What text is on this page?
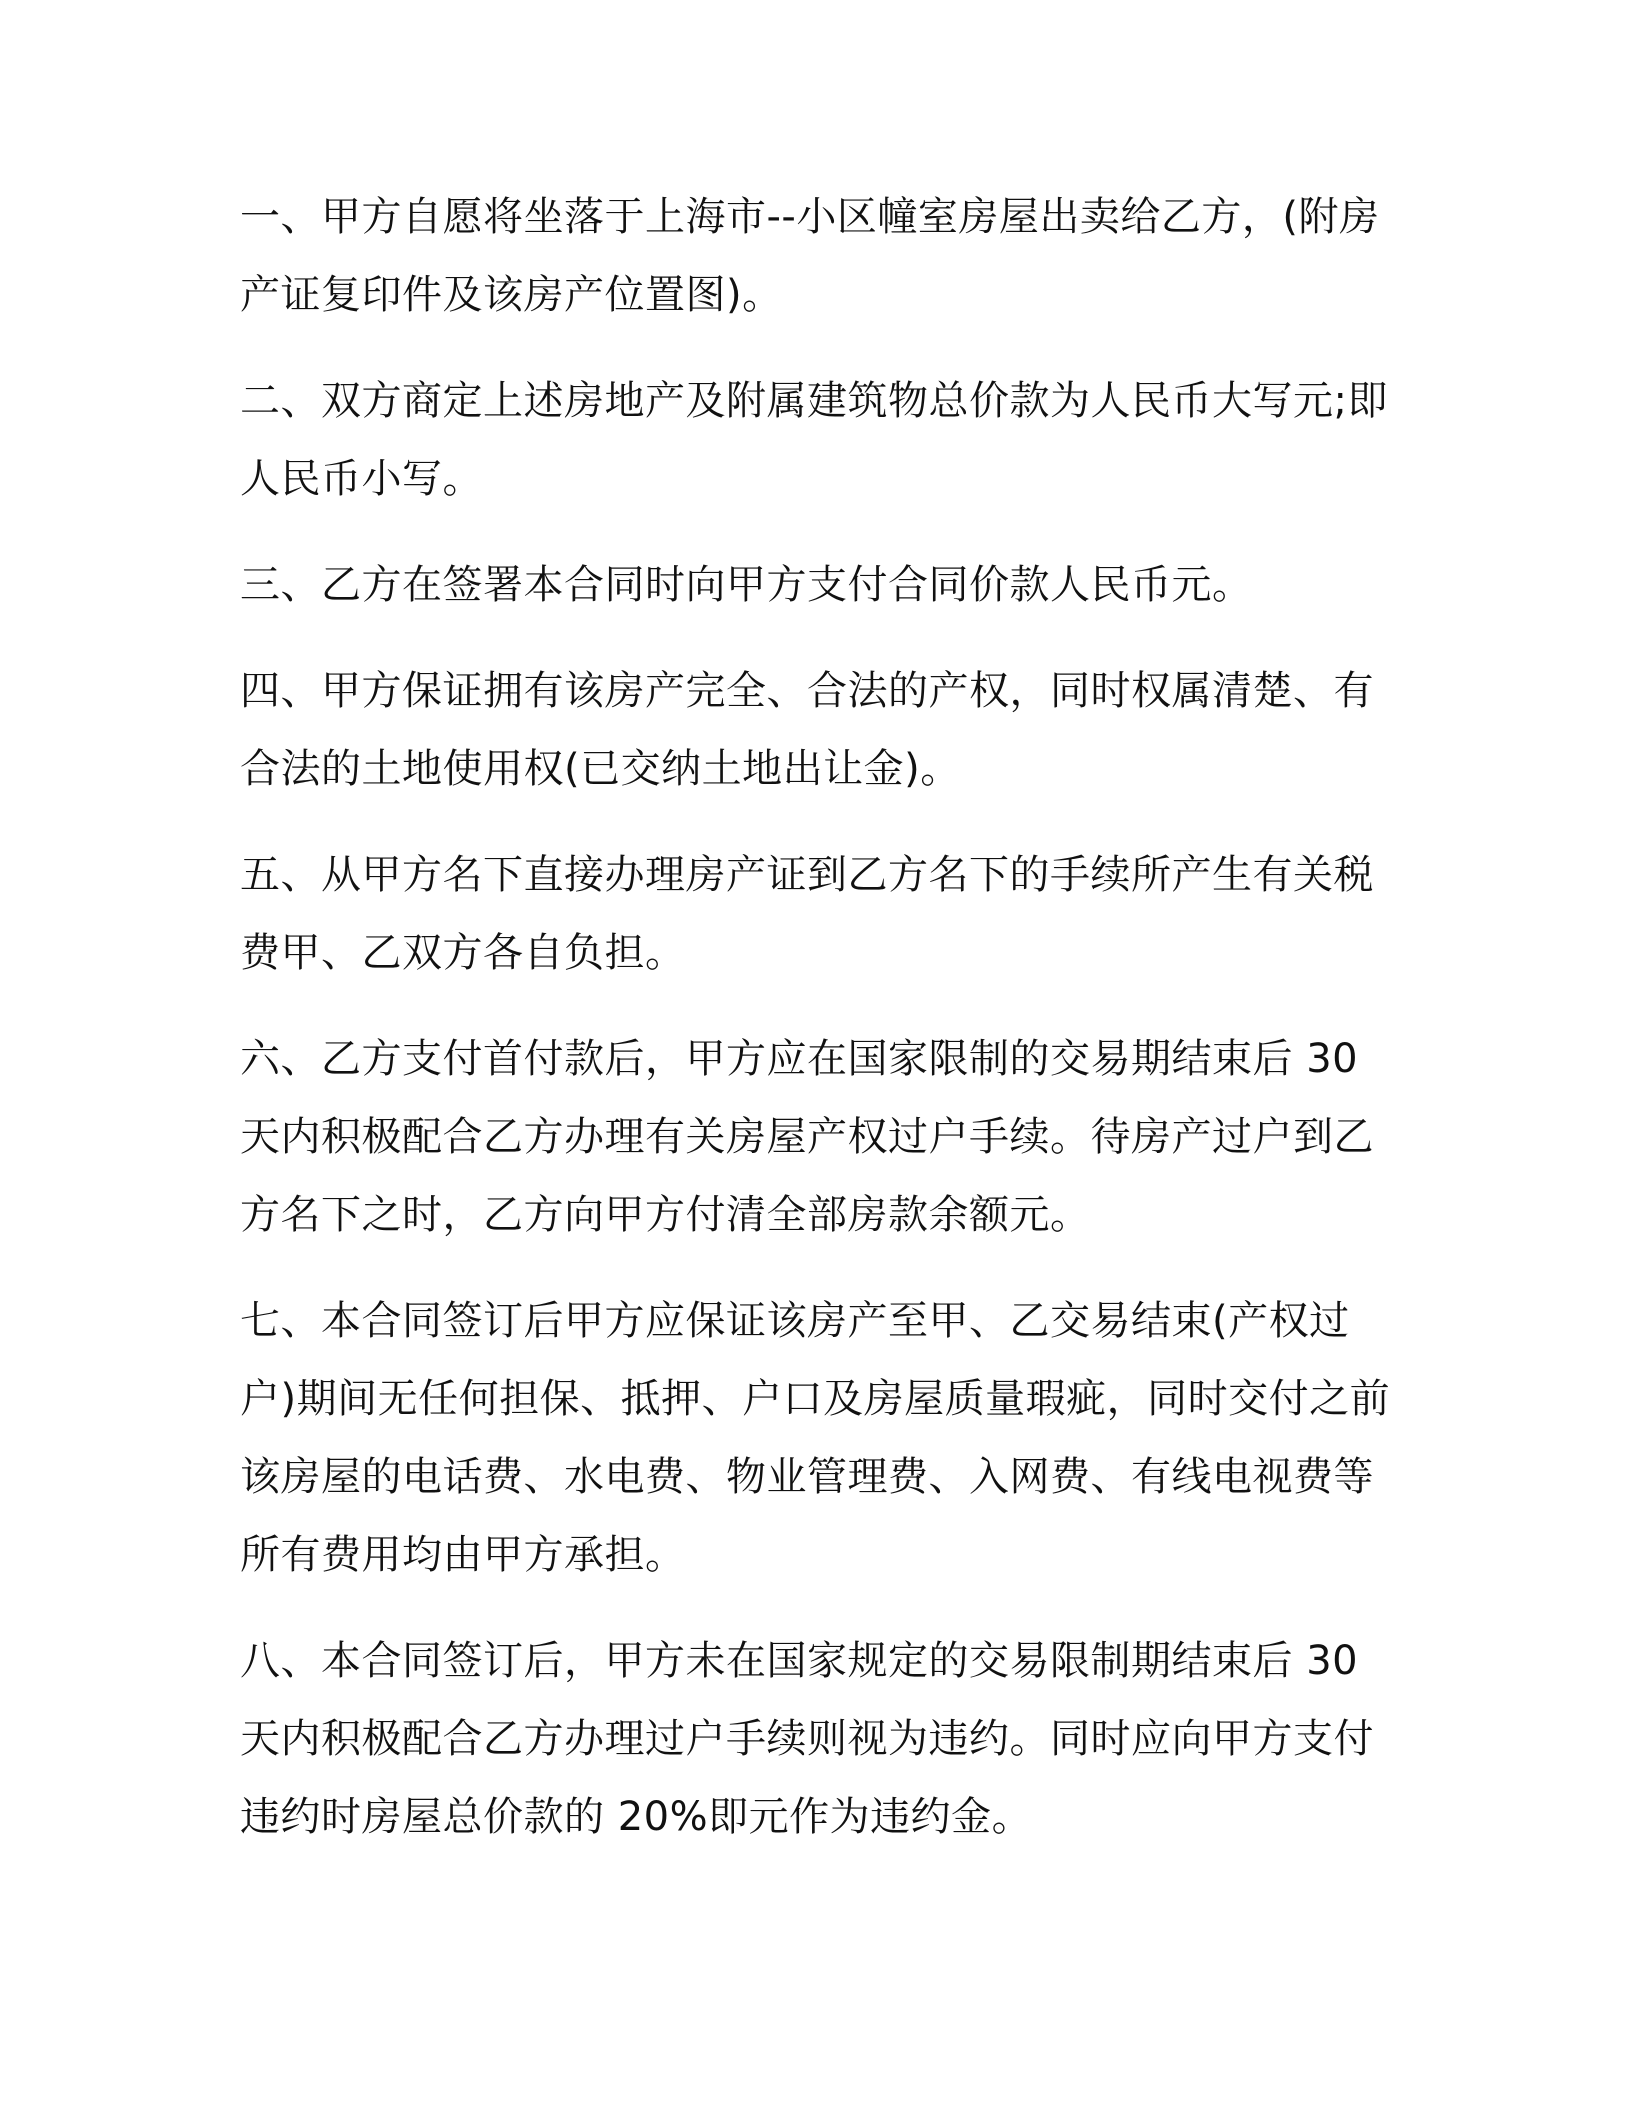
一、甲方自愿将坐落于上海市--小区幢室房屋出卖给乙方，(附房产证复印件及该房产位置图)。

二、双方商定上述房地产及附属建筑物总价款为人民币大写元;即人民币小写。

三、乙方在签署本合同时向甲方支付合同价款人民币元。

四、甲方保证拥有该房产完全、合法的产权，同时权属清楚、有合法的土地使用权(已交纳土地出让金)。

五、从甲方名下直接办理房产证到乙方名下的手续所产生有关税费甲、乙双方各自负担。

六、乙方支付首付款后，甲方应在国家限制的交易期结束后 30 天内积极配合乙方办理有关房屋产权过户手续。待房产过户到乙方名下之时，乙方向甲方付清全部房款余额元。

七、本合同签订后甲方应保证该房产至甲、乙交易结束(产权过户)期间无任何担保、抵押、户口及房屋质量瑕疵，同时交付之前该房屋的电话费、水电费、物业管理费、入网费、有线电视费等所有费用均由甲方承担。

八、本合同签订后，甲方未在国家规定的交易限制期结束后 30 天内积极配合乙方办理过户手续则视为违约。同时应向甲方支付违约时房屋总价款的 20%即元作为违约金。
